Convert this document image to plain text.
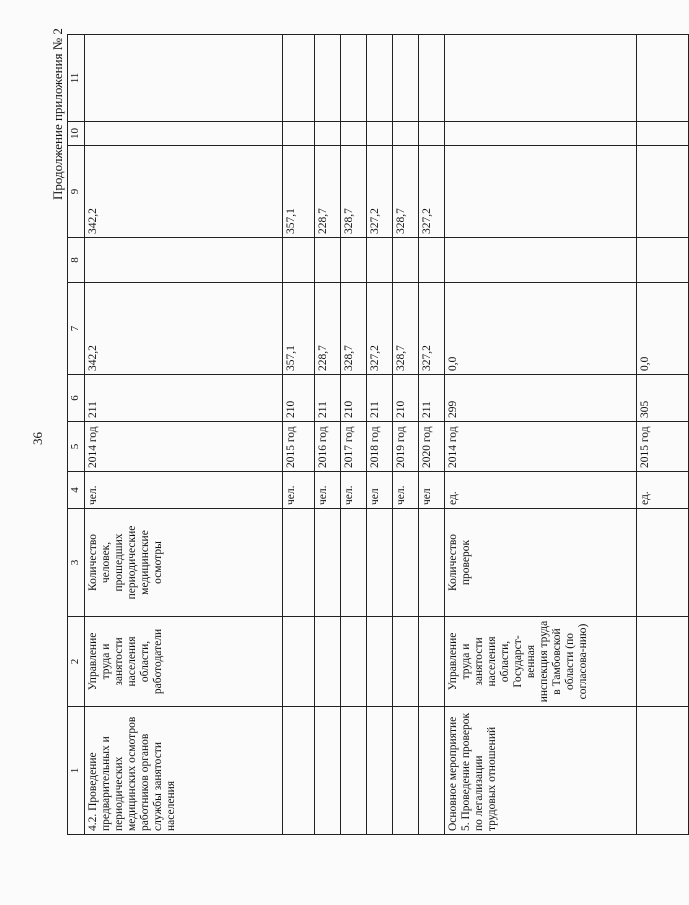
36
Продолжение приложения № 2
1	2	3	4	5	6	7	8	9	10	11
4.2. Проведение предварительных и периодических медицинских осмотров работников органов службы занятости населения	Управление труда и занятости населения области, работодатели	Количество человек, прошедших периодические медицинские осмотры	чел.	2014 год	211	342,2		342,2		
			чел.	2015 год	210	357,1		357,1		
			чел.	2016 год	211	228,7		228,7		
			чел.	2017 год	210	328,7		328,7		
			чел	2018 год	211	327,2		327,2		
			чел.	2019 год	210	328,7		328,7		
			чел	2020 год	211	327,2		327,2		
Основное мероприятие 5. Проведение проверок по легализации трудовых отношений	Управление труда и занятости населения области, Государст-венная инспекция труда в Тамбовской области (по согласова-нию)	Количество проверок	ед.	2014 год	299	0,0				
			ед.	2015 год	305	0,0				
